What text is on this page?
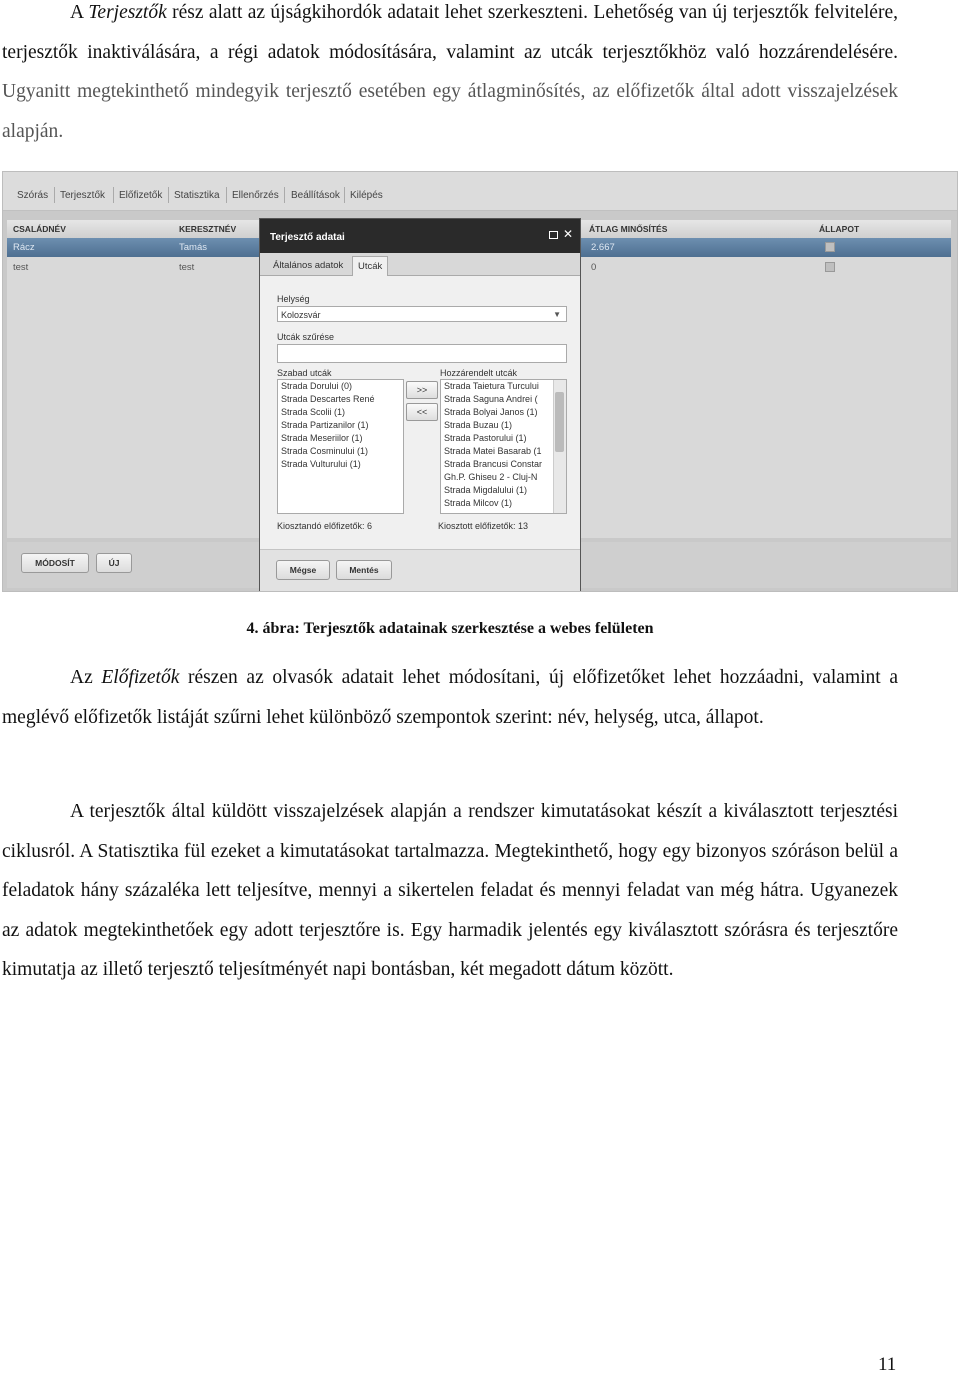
A Terjesztők rész alatt az újságkihordók adatait lehet szerkeszteni. Lehetőség van új terjesztők felvitelére, terjesztők inaktiválására, a régi adatok módosítására, valamint az utcák terjesztőkhöz való hozzárendelésére. Ugyanitt megtekinthető mindegyik terjesztő esetében egy átlagminősítés, az előfizetők által adott visszajelzések alapján.

Szórás Terjesztők Előfizetők Statisztika Ellenőrzés Beállítások Kilépés
CSALÁDNÉV	KERESZTNÉV	ÁTLAG MINŐSÍTÉS	ÁLLAPOT
Rácz	Tamás	2.667
test	test	0
MÓDOSÍT	ÚJ
Terjesztő adatai	✕
Általános adatok	Utcák
Helység
Kolozsvár	▼
Utcák szűrése
Szabad utcák	Hozzárendelt utcák
Strada Dorului (0)
Strada Descartes René
Strada Scolii (1)
Strada Partizanilor (1)
Strada Meseriilor (1)
Strada Cosminului (1)
Strada Vulturului (1)
>>
<<
Strada Taietura Turcului
Strada Saguna Andrei (
Strada Bolyai Janos (1)
Strada Buzau (1)
Strada Pastorului (1)
Strada Matei Basarab (1
Strada Brancusi Constar
Gh.P. Ghiseu 2 - Cluj-N
Strada Migdalului (1)
Strada Milcov (1)
Kiosztandó előfizetők: 6	Kiosztott előfizetők: 13
Mégse	Mentés
4. ábra: Terjesztők adatainak szerkesztése a webes felületen

Az Előfizetők részen az olvasók adatait lehet módosítani, új előfizetőket lehet hozzáadni, valamint a meglévő előfizetők listáját szűrni lehet különböző szempontok szerint: név, helység, utca, állapot.

A terjesztők által küldött visszajelzések alapján a rendszer kimutatásokat készít a kiválasztott terjesztési ciklusról. A Statisztika fül ezeket a kimutatásokat tartalmazza. Megtekinthető, hogy egy bizonyos szóráson belül a feladatok hány százaléka lett teljesítve, mennyi a sikertelen feladat és mennyi feladat van még hátra. Ugyanezek az adatok megtekinthetőek egy adott terjesztőre is. Egy harmadik jelentés egy kiválasztott szórásra és terjesztőre kimutatja az illető terjesztő teljesítményét napi bontásban, két megadott dátum között.

11
